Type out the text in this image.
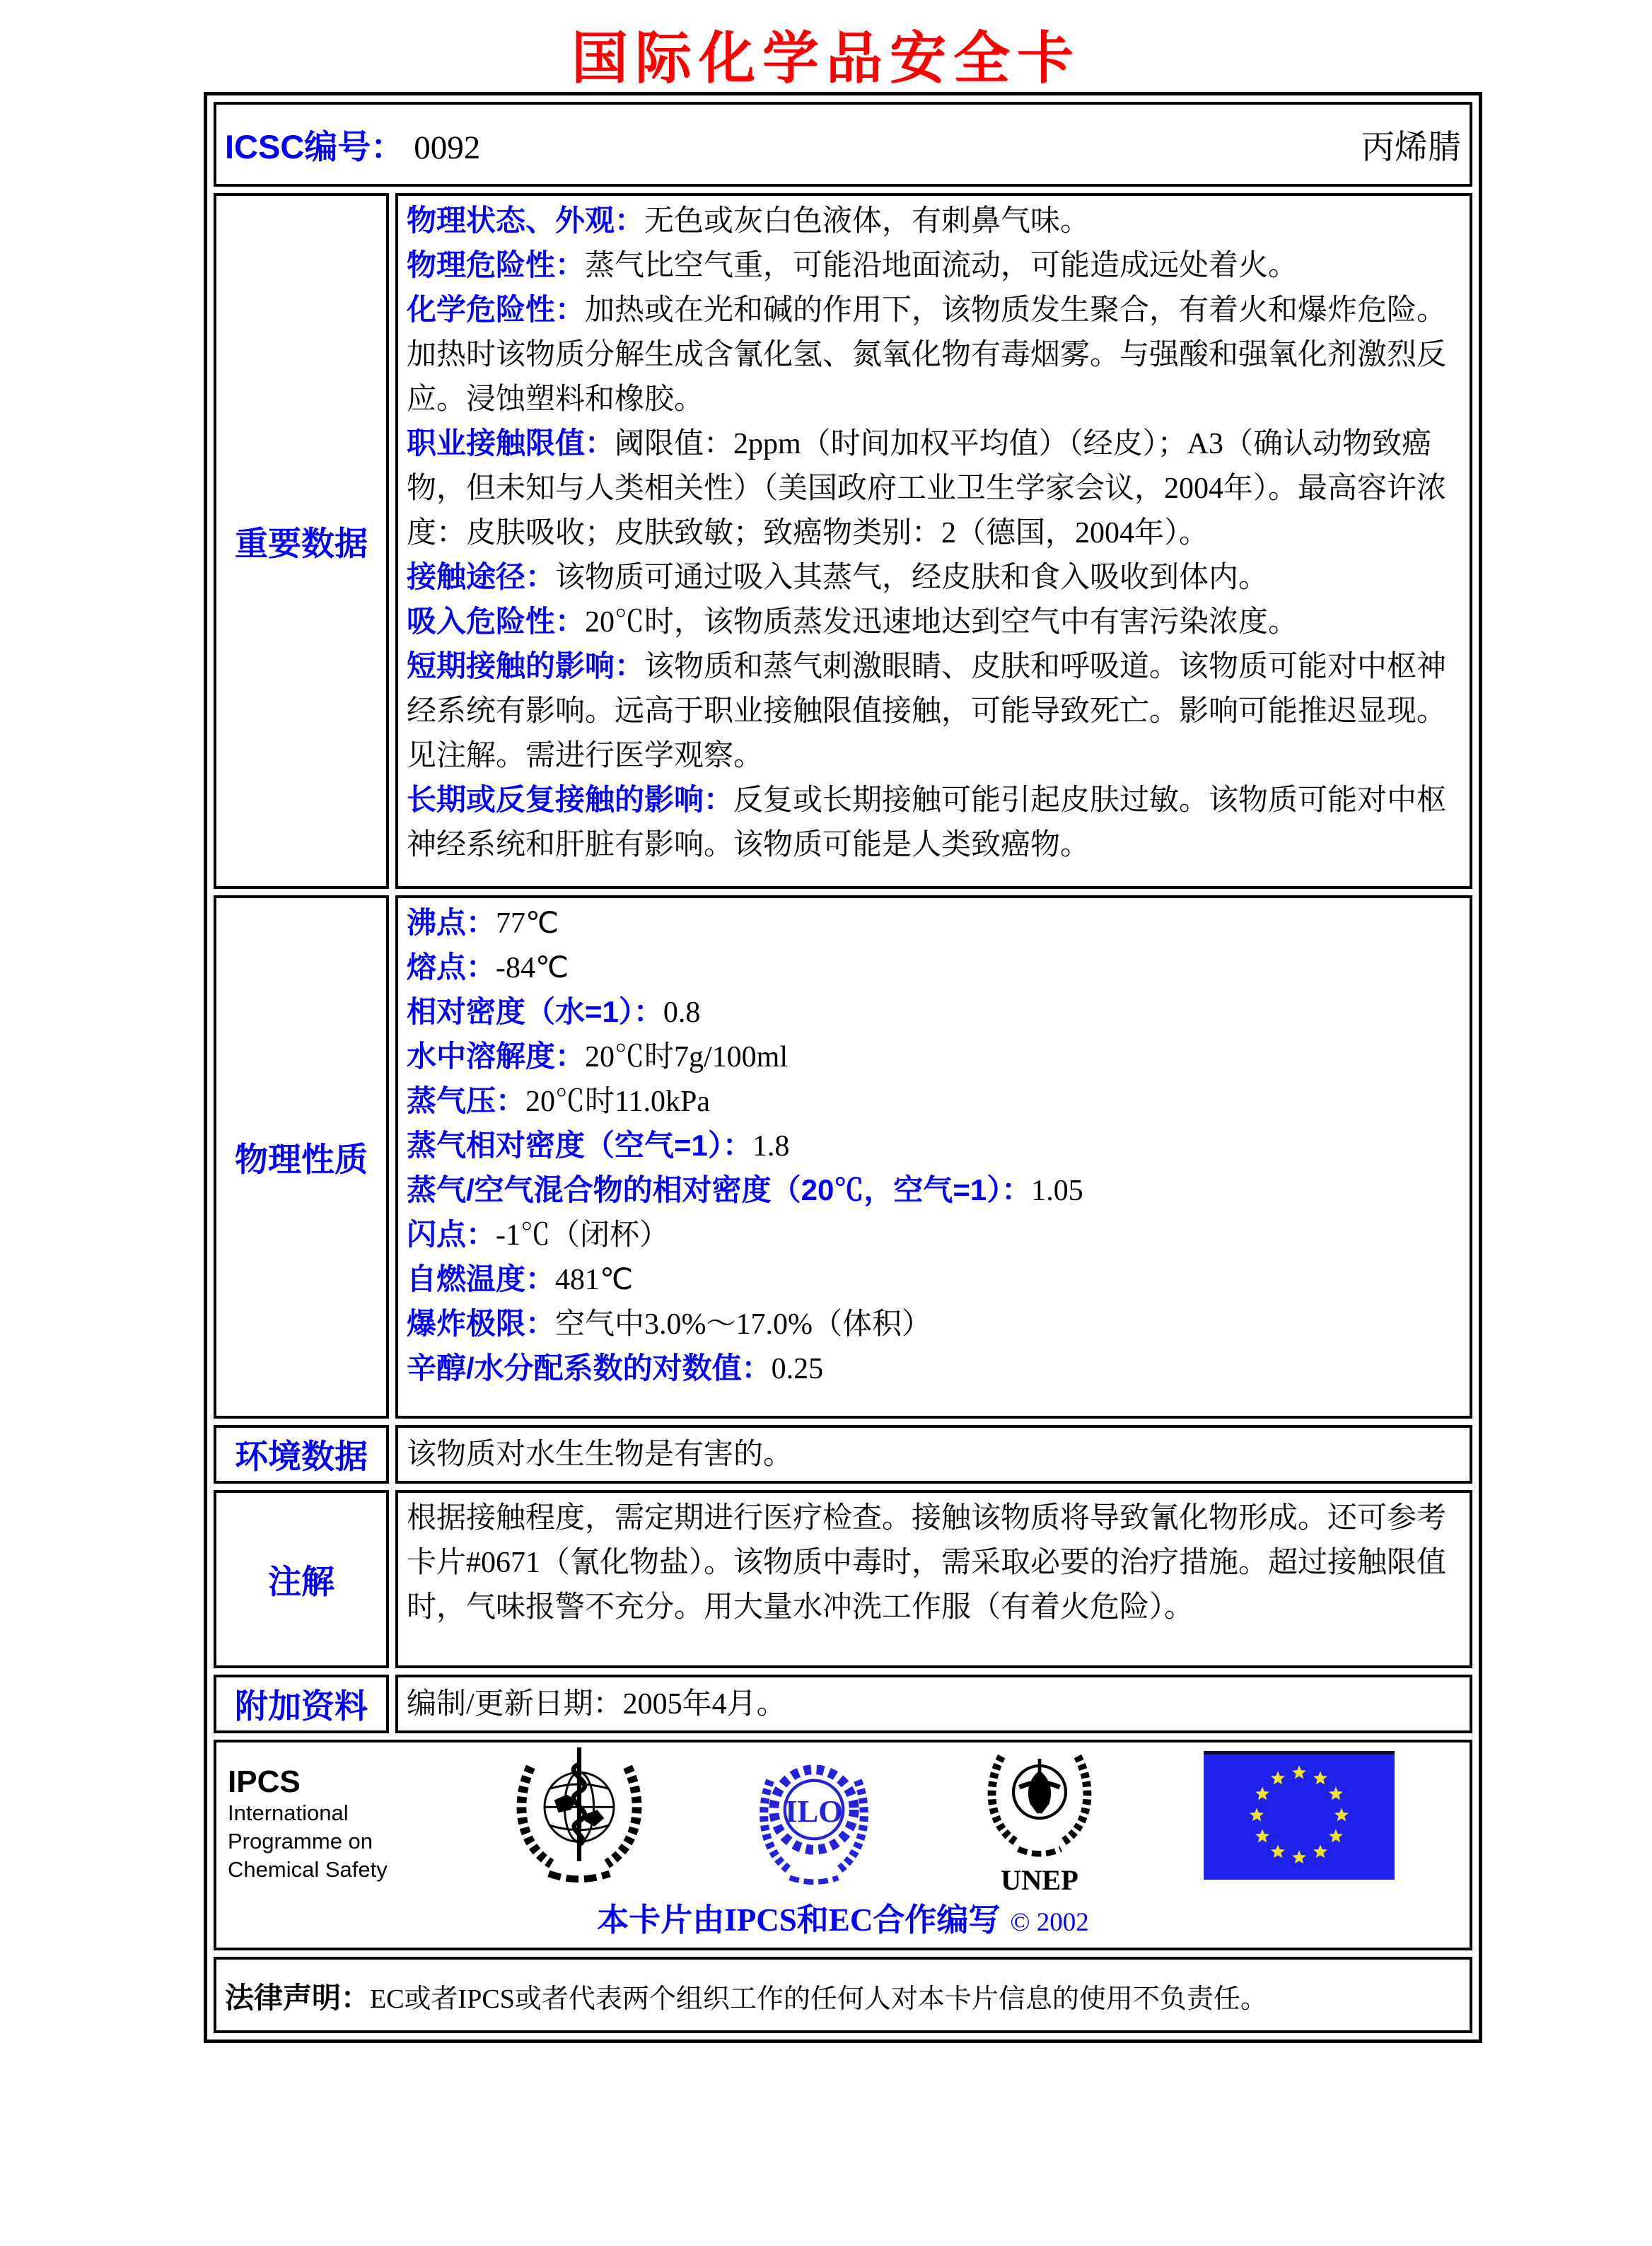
国际化学品安全卡
ICSC编号： 0092 丙烯腈	

重要数据	
物理状态、外观：无色或灰白色液体，有刺鼻气味。
物理危险性：蒸气比空气重，可能沿地面流动，可能造成远处着火。
化学危险性：加热或在光和碱的作用下，该物质发生聚合，有着火和爆炸危险。加热时该物质分解生成含氰化氢、氮氧化物有毒烟雾。与强酸和强氧化剂激烈反应。浸蚀塑料和橡胶。
职业接触限值：阈限值：2ppm（时间加权平均值）（经皮）；A3（确认动物致癌物，但未知与人类相关性）（美国政府工业卫生学家会议，2004年）。最高容许浓度：皮肤吸收；皮肤致敏；致癌物类别：2（德国，2004年）。
接触途径：该物质可通过吸入其蒸气，经皮肤和食入吸收到体内。
吸入危险性：20℃时，该物质蒸发迅速地达到空气中有害污染浓度。
短期接触的影响：该物质和蒸气刺激眼睛、皮肤和呼吸道。该物质可能对中枢神经系统有影响。远高于职业接触限值接触，可能导致死亡。影响可能推迟显现。见注解。需进行医学观察。
长期或反复接触的影响：反复或长期接触可能引起皮肤过敏。该物质可能对中枢神经系统和肝脏有影响。该物质可能是人类致癌物。

物理性质	
沸点：77℃
熔点：-84℃
相对密度（水=1）：0.8
水中溶解度：20℃时7g/100ml
蒸气压：20℃时11.0kPa
蒸气相对密度（空气=1）：1.8
蒸气/空气混合物的相对密度（20℃，空气=1）：1.05
闪点：-1℃（闭杯）
自燃温度：481℃
爆炸极限：空气中3.0%～17.0%（体积）
辛醇/水分配系数的对数值：0.25

环境数据	该物质对水生生物是有害的。

注解	根据接触程度，需定期进行医疗检查。接触该物质将导致氰化物形成。还可参考卡片#0671（氰化物盐）。该物质中毒时，需采取必要的治疗措施。超过接触限值时，气味报警不充分。用大量水冲洗工作服（有着火危险）。

附加资料	编制/更新日期：2005年4月。

IPCS
International
Programme on
Chemical Safety
ILO
UNEP
本卡片由IPCS和EC合作编写 © 2002

法律声明：EC或者IPCS或者代表两个组织工作的任何人对本卡片信息的使用不负责任。	
